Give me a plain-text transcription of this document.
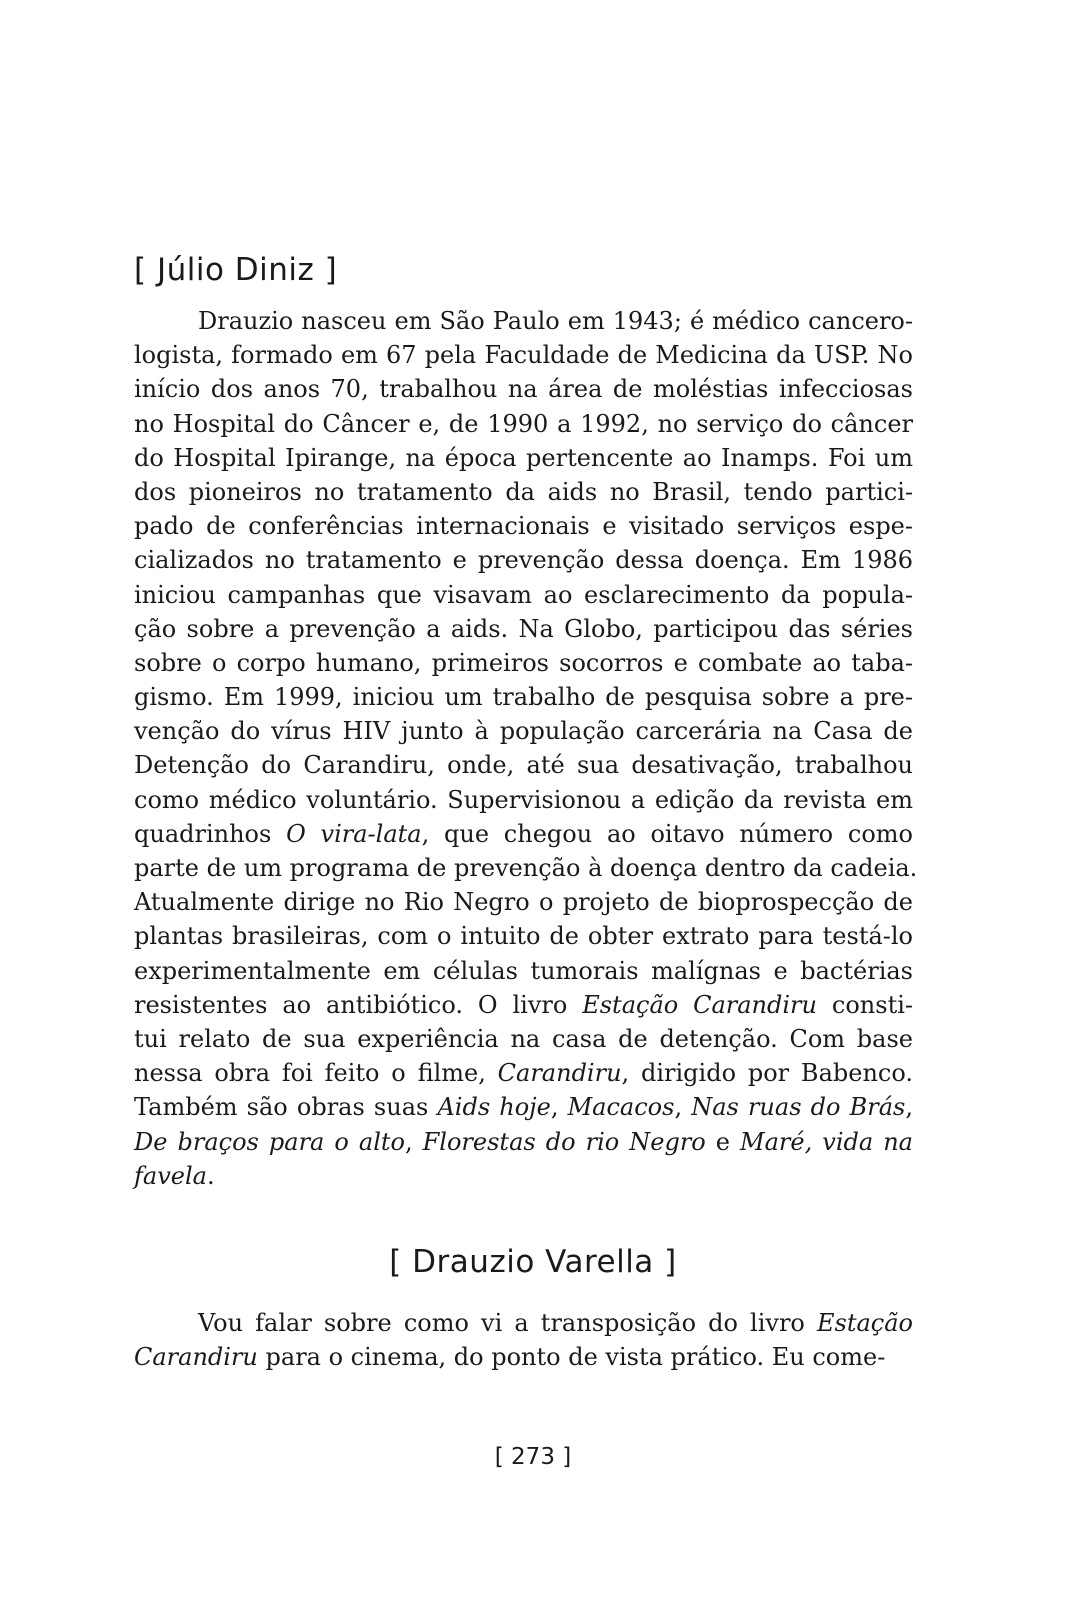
[ Júlio Diniz ]
Drauzio nasceu em São Paulo em 1943; é médico cancero-
logista, formado em 67 pela Faculdade de Medicina da USP. No
início dos anos 70, trabalhou na área de moléstias infecciosas
no Hospital do Câncer e, de 1990 a 1992, no serviço do câncer
do Hospital Ipirange, na época pertencente ao Inamps. Foi um
dos pioneiros no tratamento da aids no Brasil, tendo partici-
pado de conferências internacionais e visitado serviços espe-
cializados no tratamento e prevenção dessa doença. Em 1986
iniciou campanhas que visavam ao esclarecimento da popula-
ção sobre a prevenção a aids. Na Globo, participou das séries
sobre o corpo humano, primeiros socorros e combate ao taba-
gismo. Em 1999, iniciou um trabalho de pesquisa sobre a pre-
venção do vírus HIV junto à população carcerária na Casa de
Detenção do Carandiru, onde, até sua desativação, trabalhou
como médico voluntário. Supervisionou a edição da revista em
quadrinhos O vira-lata, que chegou ao oitavo número como
parte de um programa de prevenção à doença dentro da cadeia.
Atualmente dirige no Rio Negro o projeto de bioprospecção de
plantas brasileiras, com o intuito de obter extrato para testá-lo
experimentalmente em células tumorais malígnas e bactérias
resistentes ao antibiótico. O livro Estação Carandiru consti-
tui relato de sua experiência na casa de detenção. Com base
nessa obra foi feito o filme, Carandiru, dirigido por Babenco.
Também são obras suas Aids hoje, Macacos, Nas ruas do Brás,
De braços para o alto, Florestas do rio Negro e Maré, vida na
favela.
[ Drauzio Varella ]
Vou falar sobre como vi a transposição do livro Estação
Carandiru para o cinema, do ponto de vista prático. Eu come-
[ 273 ]
